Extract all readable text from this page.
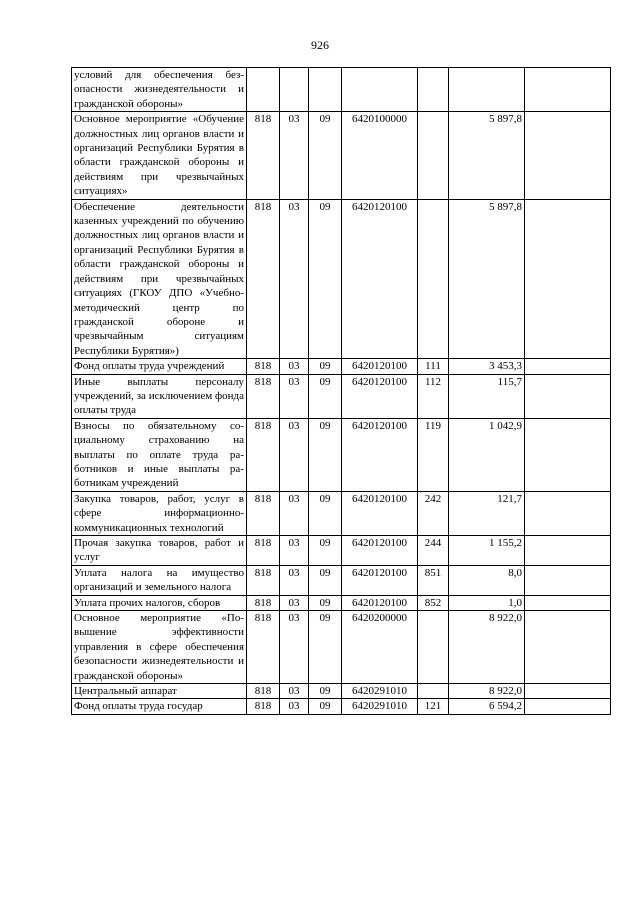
926
условий для обеспечения безопасности жизнедеятельности и гражданской обороны»							
Основное мероприятие «Обучение должностных лиц органов власти и организаций Республики Бурятия в области гражданской обороны и действиям при чрезвычайных ситуациях»	818	03	09	6420100000		5 897,8	
Обеспечение деятельности казенных учреждений по обучению должностных лиц органов власти и организаций Республики Бурятия в области гражданской обороны и действиям при чрезвычайных ситуациях (ГКОУ ДПО «Учебно-методический центр по гражданской обороне и чрезвычайным ситуациям Республики Бурятия»)	818	03	09	6420120100		5 897,8	
Фонд оплаты труда учреждений	818	03	09	6420120100	111	3 453,3	
Иные выплаты персоналу учреждений, за исключением фонда оплаты труда	818	03	09	6420120100	112	115,7	
Взносы по обязательному социальному страхованию на выплаты по оплате труда работников и иные выплаты работникам учреждений	818	03	09	6420120100	119	1 042,9	
Закупка товаров, работ, услуг в сфере информационно-коммуникационных технологий	818	03	09	6420120100	242	121,7	
Прочая закупка товаров, работ и услуг	818	03	09	6420120100	244	1 155,2	
Уплата налога на имущество организаций и земельного налога	818	03	09	6420120100	851	8,0	
Уплата прочих налогов, сборов	818	03	09	6420120100	852	1,0	
Основное мероприятие «Повышение эффективности управления в сфере обеспечения безопасности жизнедеятельности и гражданской обороны»	818	03	09	6420200000		8 922,0	
Центральный аппарат	818	03	09	6420291010		8 922,0	
Фонд оплаты труда государ	818	03	09	6420291010	121	6 594,2	
